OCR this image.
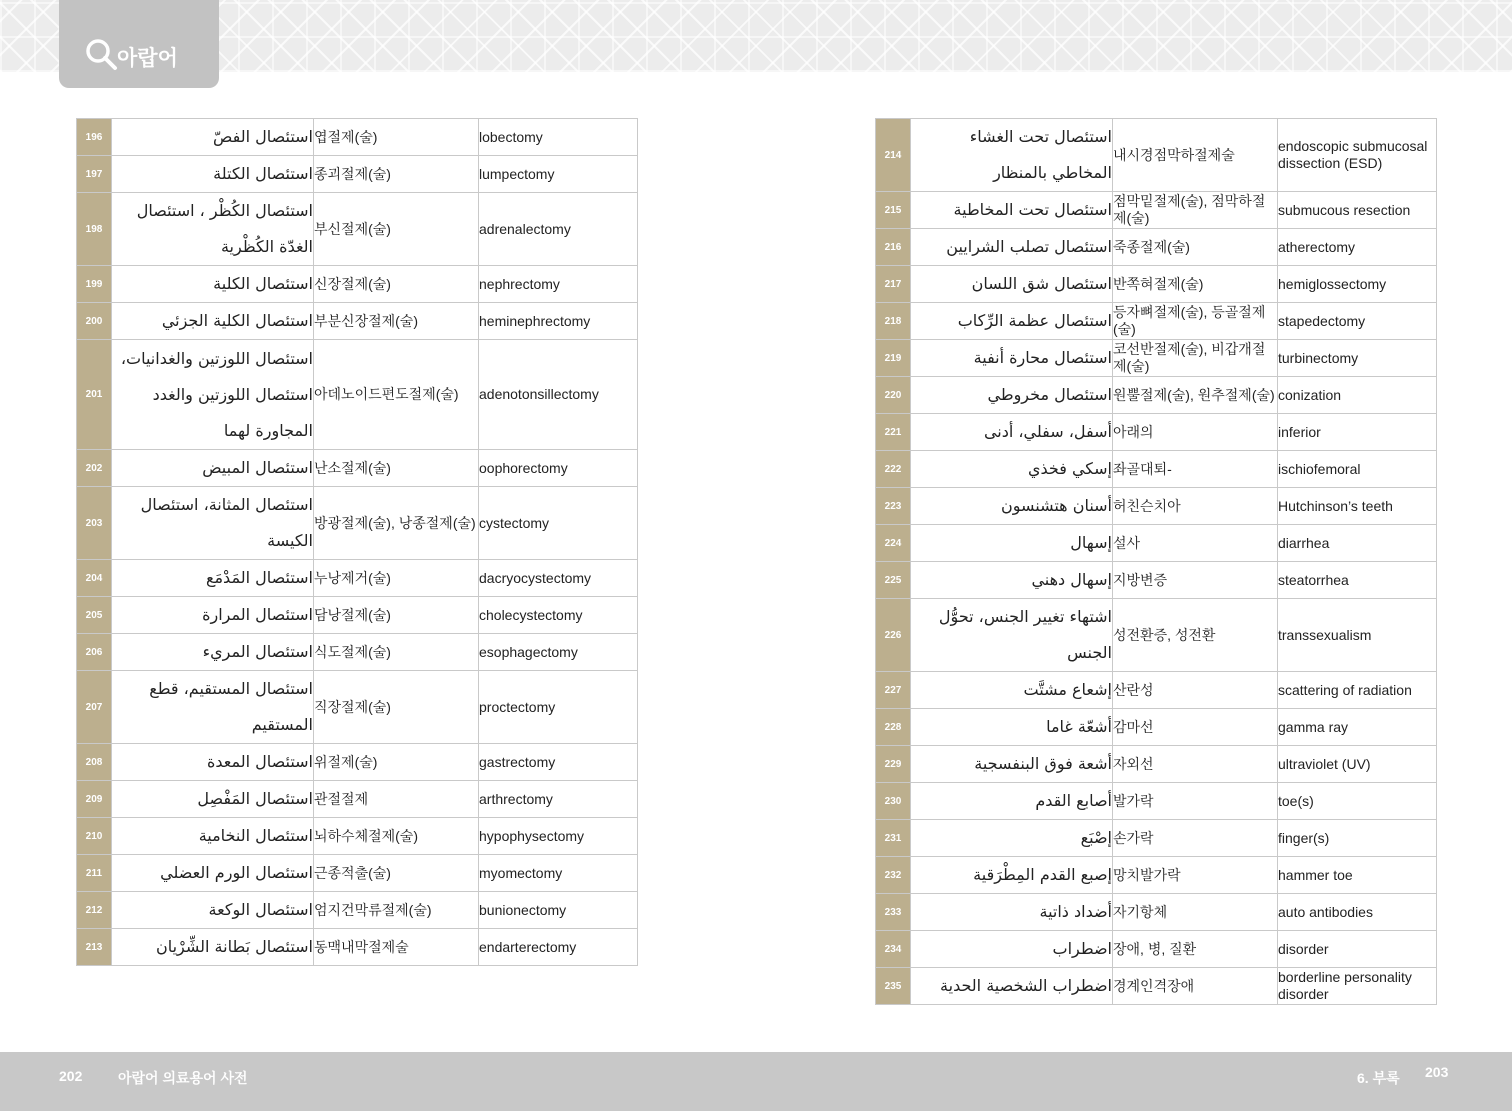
아랍어
196	استئصال الفصّ	엽절제(술)	lobectomy
197	استئصال الكتلة	종괴절제(술)	lumpectomy
198	استئصال الكُظْر ، استئصال الغدّة الكُظْرية	부신절제(술)	adrenalectomy
199	استئصال الكلية	신장절제(술)	nephrectomy
200	استئصال الكلية الجزئي	부분신장절제(술)	heminephrectomy
201	استئصال اللوزتين والغدانيات، استئصال اللوزتين والغدد المجاورة لهما	아데노이드편도절제(술)	adenotonsillectomy
202	استئصال المبيض	난소절제(술)	oophorectomy
203	استئصال المثانة، استئصال الكيسة	방광절제(술), 낭종절제(술)	cystectomy
204	استئصال المَدْمَع	누낭제거(술)	dacryocystectomy
205	استئصال المرارة	담낭절제(술)	cholecystectomy
206	استئصال المريء	식도절제(술)	esophagectomy
207	استئصال المستقيم، قطع المستقيم	직장절제(술)	proctectomy
208	استئصال المعدة	위절제(술)	gastrectomy
209	استئصال المَفْصِل	관절절제	arthrectomy
210	استئصال النخامية	뇌하수체절제(술)	hypophysectomy
211	استئصال الورم العضلي	근종적출(술)	myomectomy
212	استئصال الوكعة	엄지건막류절제(술)	bunionectomy
213	استئصال بَطانة الشِّرْيان	동맥내막절제술	endarterectomy
214	استئصال تحت الغشاء المخاطي بالمنظار	내시경점막하절제술	endoscopic submucosal dissection (ESD)
215	استئصال تحت المخاطية	점막밑절제(술), 점막하절제(술)	submucous resection
216	استئصال تصلب الشرايين	죽종절제(술)	atherectomy
217	استئصال شق اللسان	반쪽혀절제(술)	hemiglossectomy
218	استئصال عظمة الرِّكاب	등자뼈절제(술), 등골절제(술)	stapedectomy
219	استئصال محارة أنفية	코선반절제(술), 비갑개절제(술)	turbinectomy
220	استئصال مخروطي	원뿔절제(술), 원추절제(술)	conization
221	أسفل، سفلي، أدنى	아래의	inferior
222	إسكي فخذي	좌골대퇴-	ischiofemoral
223	أسنان هتشنسون	허친슨치아	Hutchinson’s teeth
224	إسهال	설사	diarrhea
225	إسهال دهني	지방변증	steatorrhea
226	اشتهاء تغيير الجنس، تحوُّل الجنس	성전환증, 성전환	transsexualism
227	إشعاع مشتَّت	산란성	scattering of radiation
228	أشعّة غاما	감마선	gamma ray
229	أشعة فوق البنفسجية	자외선	ultraviolet (UV)
230	أصابع القدم	발가락	toe(s)
231	إصْبَع	손가락	finger(s)
232	إصبع القدم المِطْرَقية	망치발가락	hammer toe
233	أضداد ذاتية	자기항체	auto antibodies
234	اضطراب	장애, 병, 질환	disorder
235	اضطراب الشخصية الحدية	경계인격장애	borderline personality disorder
202	아랍어 의료용어 사전	6. 부록 203
